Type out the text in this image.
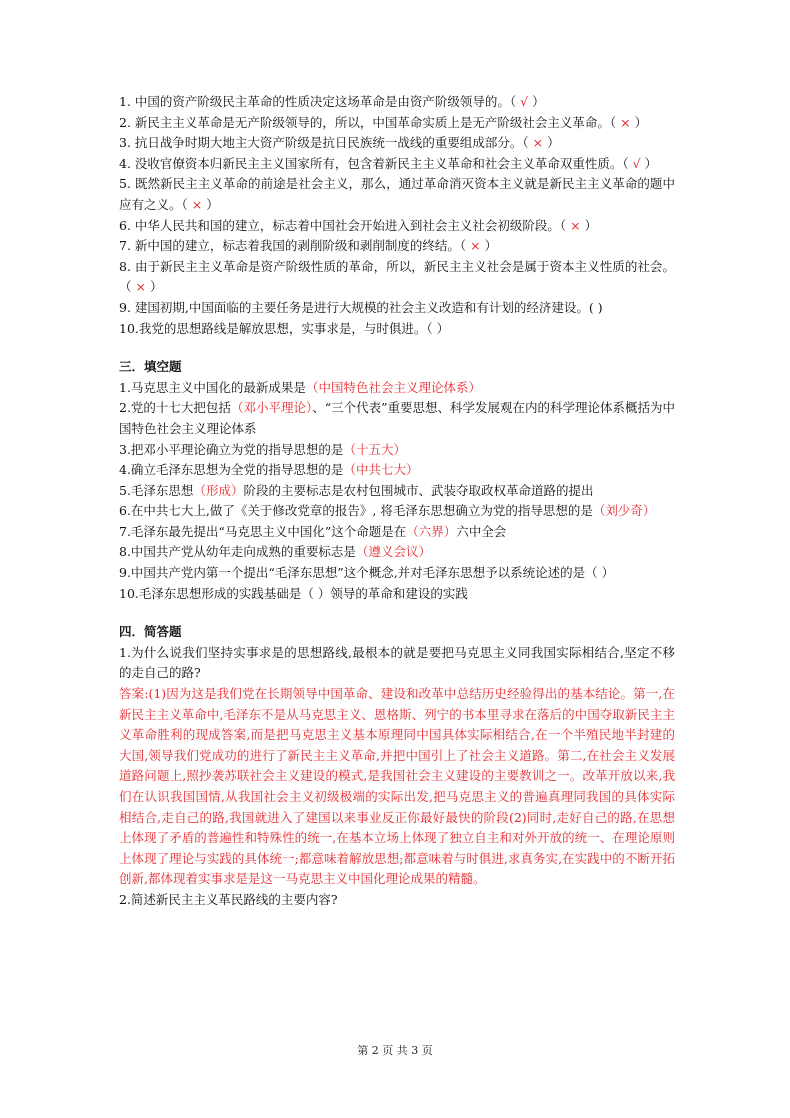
1. 中国的资产阶级民主革命的性质决定这场革命是由资产阶级领导的。（ √ ）
2. 新民主主义革命是无产阶级领导的，所以，中国革命实质上是无产阶级社会主义革命。（ × ）
3. 抗日战争时期大地主大资产阶级是抗日民族统一战线的重要组成部分。（ × ）
4. 没收官僚资本归新民主主义国家所有，包含着新民主主义革命和社会主义革命双重性质。（ √ ）
5. 既然新民主主义革命的前途是社会主义，那么，通过革命消灭资本主义就是新民主主义革命的题中应有之义。（ × ）
6. 中华人民共和国的建立，标志着中国社会开始进入到社会主义社会初级阶段。（ × ）
7. 新中国的建立，标志着我国的剥削阶级和剥削制度的终结。（ × ）
8. 由于新民主主义革命是资产阶级性质的革命，所以，新民主主义社会是属于资本主义性质的社会。（ × ）
9. 建国初期,中国面临的主要任务是进行大规模的社会主义改造和有计划的经济建设。( )
10.我党的思想路线是解放思想，实事求是，与时俱进。（ ）
三．填空题
1.马克思主义中国化的最新成果是（中国特色社会主义理论体系）
2.党的十七大把包括（邓小平理论）、“三个代表”重要思想、科学发展观在内的科学理论体系概括为中国特色社会主义理论体系
3.把邓小平理论确立为党的指导思想的是（十五大）
4.确立毛泽东思想为全党的指导思想的是（中共七大）
5.毛泽东思想（形成）阶段的主要标志是农村包围城市、武装夺取政权革命道路的提出
6.在中共七大上,做了《关于修改党章的报告》, 将毛泽东思想确立为党的指导思想的是（刘少奇）
7.毛泽东最先提出“马克思主义中国化”这个命题是在（六界）六中全会
8.中国共产党从幼年走向成熟的重要标志是（遵义会议）
9.中国共产党内第一个提出“毛泽东思想”这个概念,并对毛泽东思想予以系统论述的是（ ）
10.毛泽东思想形成的实践基础是（ ）领导的革命和建设的实践
四．简答题
1.为什么说我们坚持实事求是的思想路线,最根本的就是要把马克思主义同我国实际相结合,坚定不移的走自己的路?
答案:(1)因为这是我们党在长期领导中国革命、建设和改革中总结历史经验得出的基本结论。第一,在新民主主义革命中,毛泽东不是从马克思主义、恩格斯、列宁的书本里寻求在落后的中国夺取新民主主义革命胜利的现成答案,而是把马克思主义基本原理同中国具体实际相结合,在一个半殖民地半封建的大国,领导我们党成功的进行了新民主主义革命,并把中国引上了社会主义道路。第二,在社会主义发展道路问题上,照抄袭苏联社会主义建设的模式,是我国社会主义建设的主要教训之一。改革开放以来,我们在认识我国国情,从我国社会主义初级极端的实际出发,把马克思主义的普遍真理同我国的具体实际相结合,走自己的路,我国就进入了建国以来事业反正你最好最快的阶段(2)同时,走好自己的路,在思想上体现了矛盾的普遍性和特殊性的统一,在基本立场上体现了独立自主和对外开放的统一、在理论原则上体现了理论与实践的具体统一;都意味着解放思想;都意味着与时俱进,求真务实,在实践中的不断开拓创新,都体现着实事求是是这一马克思主义中国化理论成果的精髓。
2.简述新民主主义革民路线的主要内容?
第 2 页 共 3 页
